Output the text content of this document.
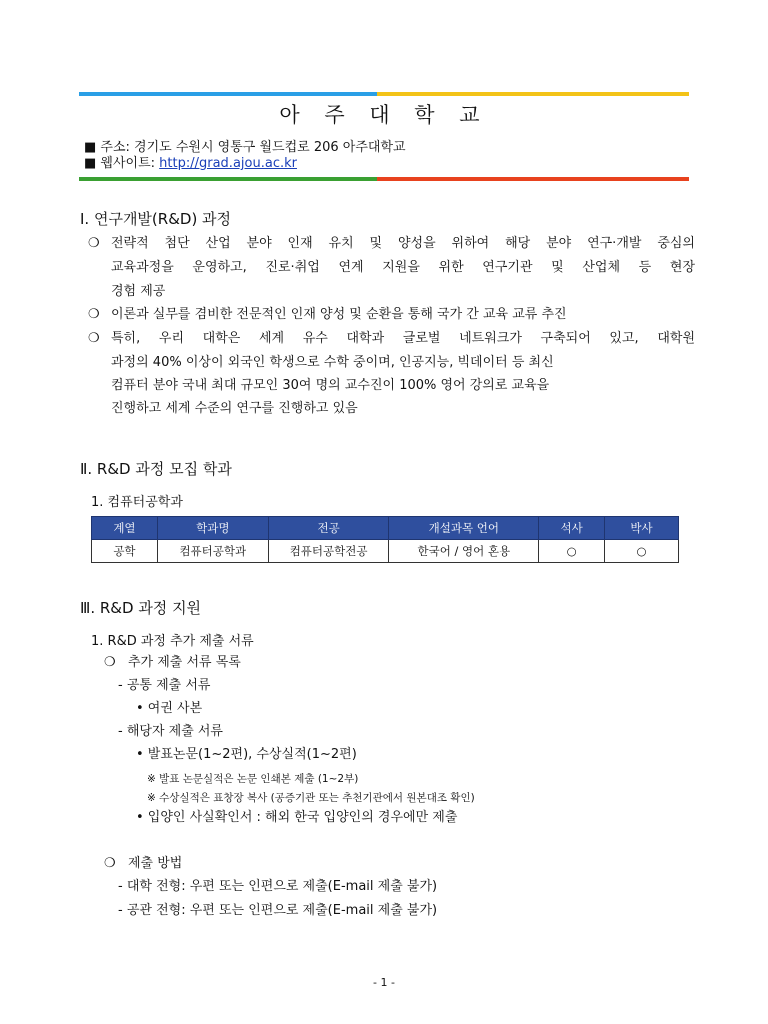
아 주 대 학 교
■ 주소: 경기도 수원시 영통구 월드컵로 206 아주대학교
■ 웹사이트: http://grad.ajou.ac.kr
Ⅰ. 연구개발(R&D) 과정
❍ 전략적 첨단 산업 분야 인재 유치 및 양성을 위하여 해당 분야 연구·개발 중심의
교육과정을 운영하고, 진로·취업 연계 지원을 위한 연구기관 및 산업체 등 현장
경험 제공
❍ 이론과 실무를 겸비한 전문적인 인재 양성 및 순환을 통해 국가 간 교육 교류 추진
❍ 특히, 우리 대학은 세계 유수 대학과 글로벌 네트워크가 구축되어 있고, 대학원
과정의 40% 이상이 외국인 학생으로 수학 중이며, 인공지능, 빅데이터 등 최신
컴퓨터 분야 국내 최대 규모인 30여 명의 교수진이 100% 영어 강의로 교육을
진행하고 세계 수준의 연구를 진행하고 있음
Ⅱ. R&D 과정 모집 학과
1. 컴퓨터공학과
계열	학과명	전공	개설과목 언어	석사	박사
공학	컴퓨터공학과	컴퓨터공학전공	한국어 / 영어 혼용	○	○
Ⅲ. R&D 과정 지원
1. R&D 과정 추가 제출 서류
❍ 추가 제출 서류 목록
- 공통 제출 서류
• 여권 사본
- 해당자 제출 서류
• 발표논문(1~2편), 수상실적(1~2편)
※ 발표 논문실적은 논문 인쇄본 제출 (1~2부)
※ 수상실적은 표창장 복사 (공증기관 또는 추천기관에서 원본대조 확인)
• 입양인 사실확인서 : 해외 한국 입양인의 경우에만 제출
❍ 제출 방법
- 대학 전형: 우편 또는 인편으로 제출(E-mail 제출 불가)
- 공관 전형: 우편 또는 인편으로 제출(E-mail 제출 불가)
- 1 -
